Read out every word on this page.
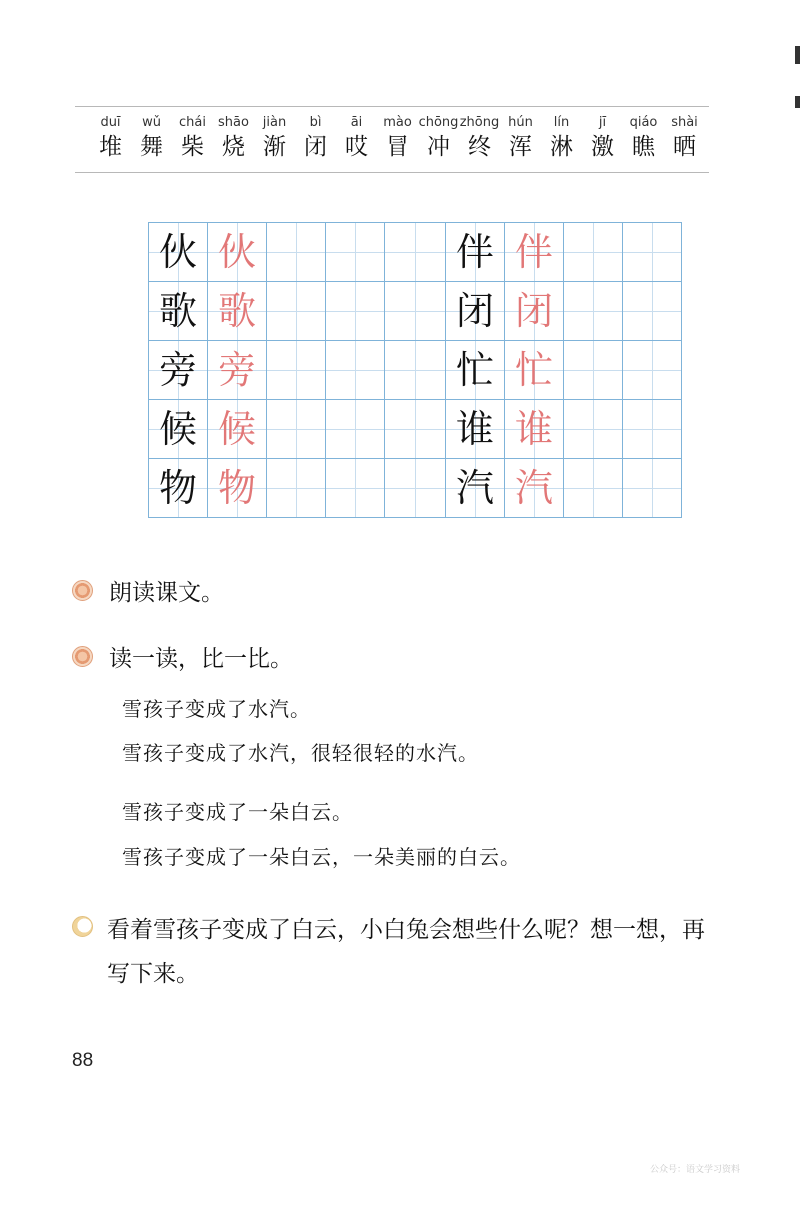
duī
堆
wǔ
舞
chái
柴
shāo
烧
jiàn
渐
bì
闭
āi
哎
mào
冒
chōng
冲
zhōng
终
hún
浑
lín
淋
jī
激
qiáo
瞧
shài
晒
伙	伙				伴	伴		
歌	歌				闭	闭		
旁	旁				忙	忙		
候	候				谁	谁		
物	物				汽	汽		
朗读课文。
读一读，比一比。
雪孩子变成了水汽。
雪孩子变成了水汽，很轻很轻的水汽。
雪孩子变成了一朵白云。
雪孩子变成了一朵白云，一朵美丽的白云。
看着雪孩子变成了白云，小白兔会想些什么呢？想一想，再写下来。
88
公众号：语文学习资料
